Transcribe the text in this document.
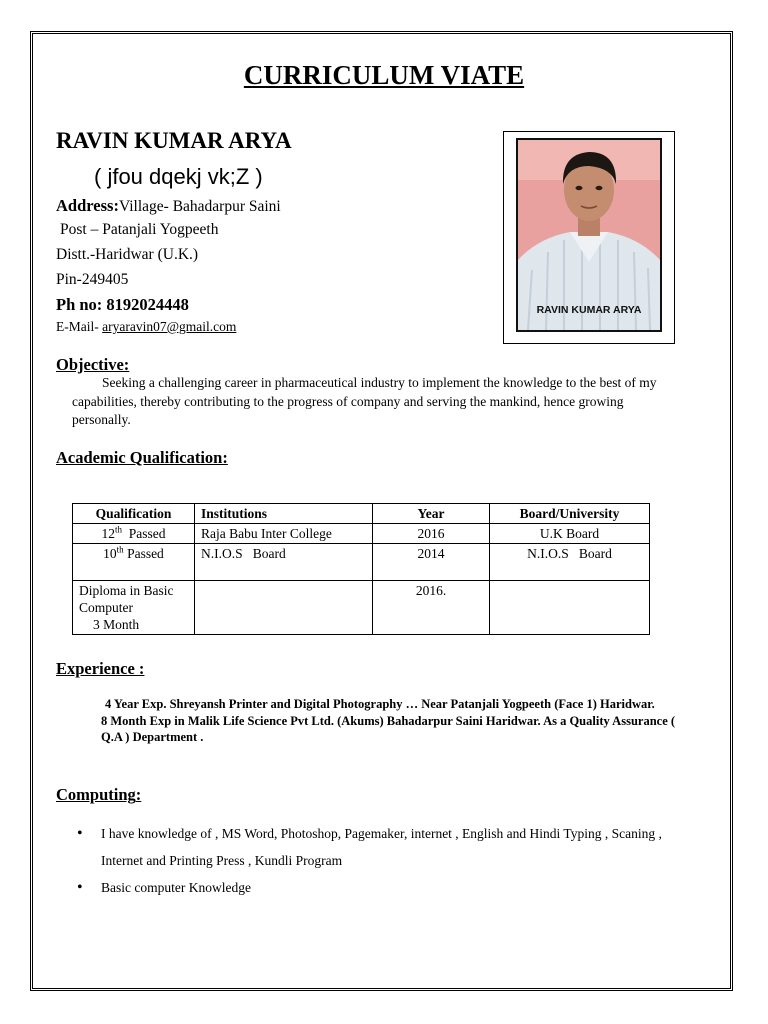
CURRICULUM VIATE
RAVIN KUMAR ARYA
( jfou dqekj vk;Z )
Address:Village- Bahadarpur Saini
Post – Patanjali Yogpeeth
Distt.-Haridwar (U.K.)
Pin-249405
Ph no: 8192024448
E-Mail- aryaravin07@gmail.com
RAVIN KUMAR ARYA
Objective:

Seeking a challenging career in pharmaceutical industry to implement the knowledge to the best of my capabilities, thereby contributing to the progress of company and serving the mankind, hence growing personally.

Academic Qualification:
Qualification	Institutions	Year	Board/University
12th  Passed	Raja Babu Inter College	2016	U.K Board
10th Passed	N.I.O.S   Board	2014	N.I.O.S   Board

Diploma in Basic
Computer
3 Month		2016.	
Experience :
4 Year Exp. Shreyansh Printer and Digital Photography … Near Patanjali Yogpeeth (Face 1) Haridwar.
8 Month Exp in Malik Life Science Pvt Ltd. (Akums) Bahadarpur Saini Haridwar. As a Quality Assurance ( Q.A ) Department .
Computing:
• I have knowledge of , MS Word, Photoshop, Pagemaker, internet , English and Hindi Typing , Scaning , Internet and Printing Press , Kundli Program
• Basic computer Knowledge
